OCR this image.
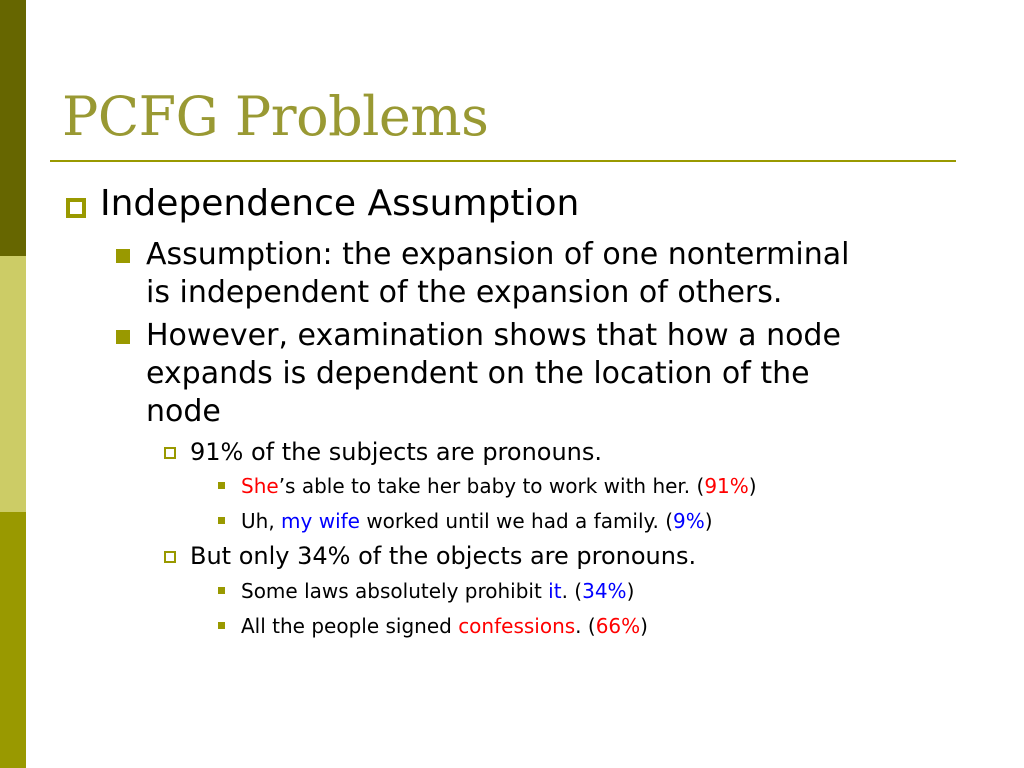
PCFG Problems
Independence Assumption
Assumption: the expansion of one nonterminal
is independent of the expansion of others.
However, examination shows that how a node
expands is dependent on the location of the
node
91% of the subjects are pronouns.
She’s able to take her baby to work with her. (91%)
Uh, my wife worked until we had a family. (9%)
But only 34% of the objects are pronouns.
Some laws absolutely prohibit it. (34%)
All the people signed confessions. (66%)
